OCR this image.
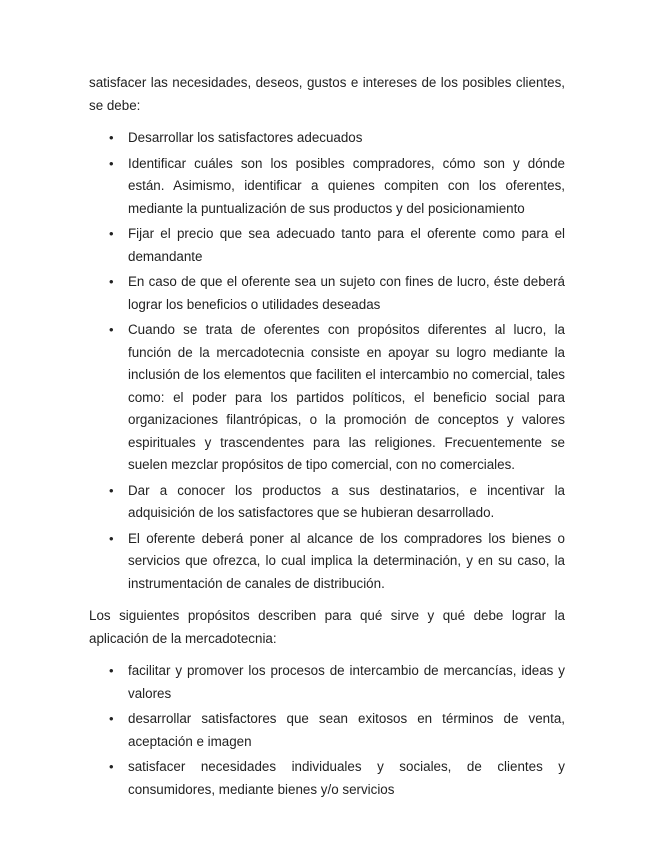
satisfacer las necesidades, deseos, gustos e intereses de los posibles clientes, se debe:

• Desarrollar los satisfactores adecuados
• Identificar cuáles son los posibles compradores, cómo son y dónde están. Asimismo, identificar a quienes compiten con los oferentes, mediante la puntualización de sus productos y del posicionamiento
• Fijar el precio que sea adecuado tanto para el oferente como para el demandante
• En caso de que el oferente sea un sujeto con fines de lucro, éste deberá lograr los beneficios o utilidades deseadas
• Cuando se trata de oferentes con propósitos diferentes al lucro, la función de la mercadotecnia consiste en apoyar su logro mediante la inclusión de los elementos que faciliten el intercambio no comercial, tales como: el poder para los partidos políticos, el beneficio social para organizaciones filantrópicas, o la promoción de conceptos y valores espirituales y trascendentes para las religiones. Frecuentemente se suelen mezclar propósitos de tipo comercial, con no comerciales.
• Dar a conocer los productos a sus destinatarios, e incentivar la adquisición de los satisfactores que se hubieran desarrollado.
• El oferente deberá poner al alcance de los compradores los bienes o servicios que ofrezca, lo cual implica la determinación, y en su caso, la instrumentación de canales de distribución.

Los siguientes propósitos describen para qué sirve y qué debe lograr la aplicación de la mercadotecnia:

• facilitar y promover los procesos de intercambio de mercancías, ideas y valores
• desarrollar satisfactores que sean exitosos en términos de venta, aceptación e imagen
• satisfacer necesidades individuales y sociales, de clientes y consumidores, mediante bienes y/o servicios
